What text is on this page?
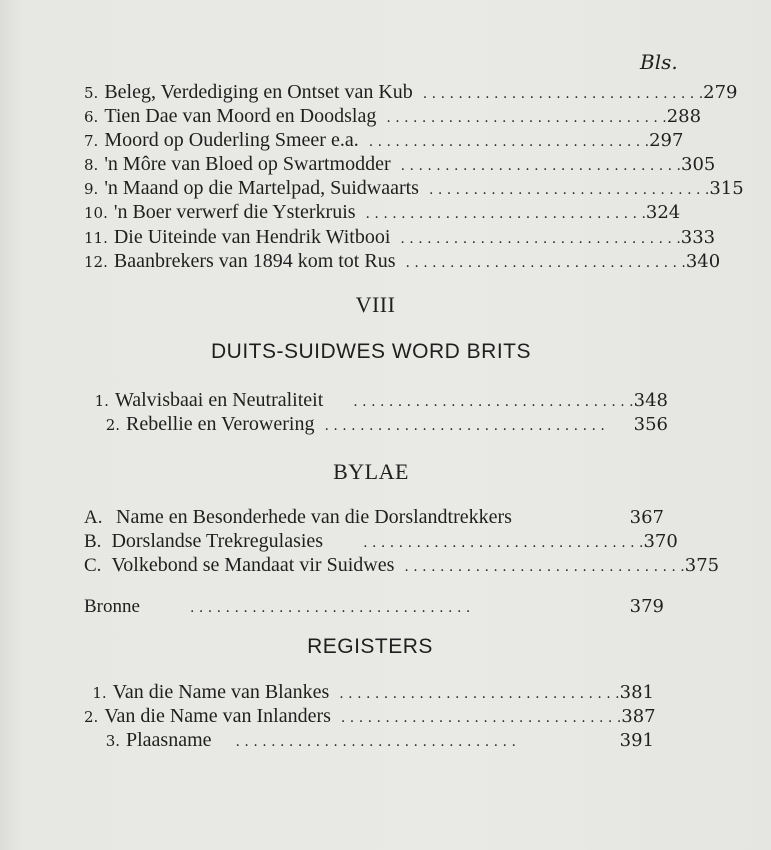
Bls.
5. Beleg, Verdediging en Ontset van Kub . . . . . . . . . . . . . . . . . . . . . . . . . . . . . . . . 279
6. Tien Dae van Moord en Doodslag . . . . . . . . . . . . . . . . . . . . . . . . . . . . . . . . 288
7. Moord op Ouderling Smeer e.a. . . . . . . . . . . . . . . . . . . . . . . . . . . . . . . . . 297
8. 'n Môre van Bloed op Swartmodder . . . . . . . . . . . . . . . . . . . . . . . . . . . . . . . . 305
9. 'n Maand op die Martelpad, Suidwaarts . . . . . . . . . . . . . . . . . . . . . . . . . . . . . . . . 315
10. 'n Boer verwerf die Ysterkruis . . . . . . . . . . . . . . . . . . . . . . . . . . . . . . . . 324
11. Die Uiteinde van Hendrik Witbooi . . . . . . . . . . . . . . . . . . . . . . . . . . . . . . . . 333
12. Baanbrekers van 1894 kom tot Rus . . . . . . . . . . . . . . . . . . . . . . . . . . . . . . . . 340
VIII
DUITS-SUIDWES WORD BRITS
1. Walvisbaai en Neutraliteit	. . . . . . . . . . . . . . . . . . . . . . . . . . . . . . . . 348
2. Rebellie en Verowering . . . . . . . . . . . . . . . . . . . . . . . . . . . . . . . .	356
BYLAE
A. Name en Besonderhede van die Dorslandtrekkers	367
B. Dorslandse Trekregulasies	. . . . . . . . . . . . . . . . . . . . . . . . . . . . . . . . 370
C. Volkebond se Mandaat vir Suidwes . . . . . . . . . . . . . . . . . . . . . . . . . . . . . . . . 375
Bronne	. . . . . . . . . . . . . . . . . . . . . . . . . . . . . . . .	379
REGISTERS
1. Van die Name van Blankes . . . . . . . . . . . . . . . . . . . . . . . . . . . . . . . . 381
2. Van die Name van Inlanders . . . . . . . . . . . . . . . . . . . . . . . . . . . . . . . . 387
3. Plaasname	. . . . . . . . . . . . . . . . . . . . . . . . . . . . . . . .	391
